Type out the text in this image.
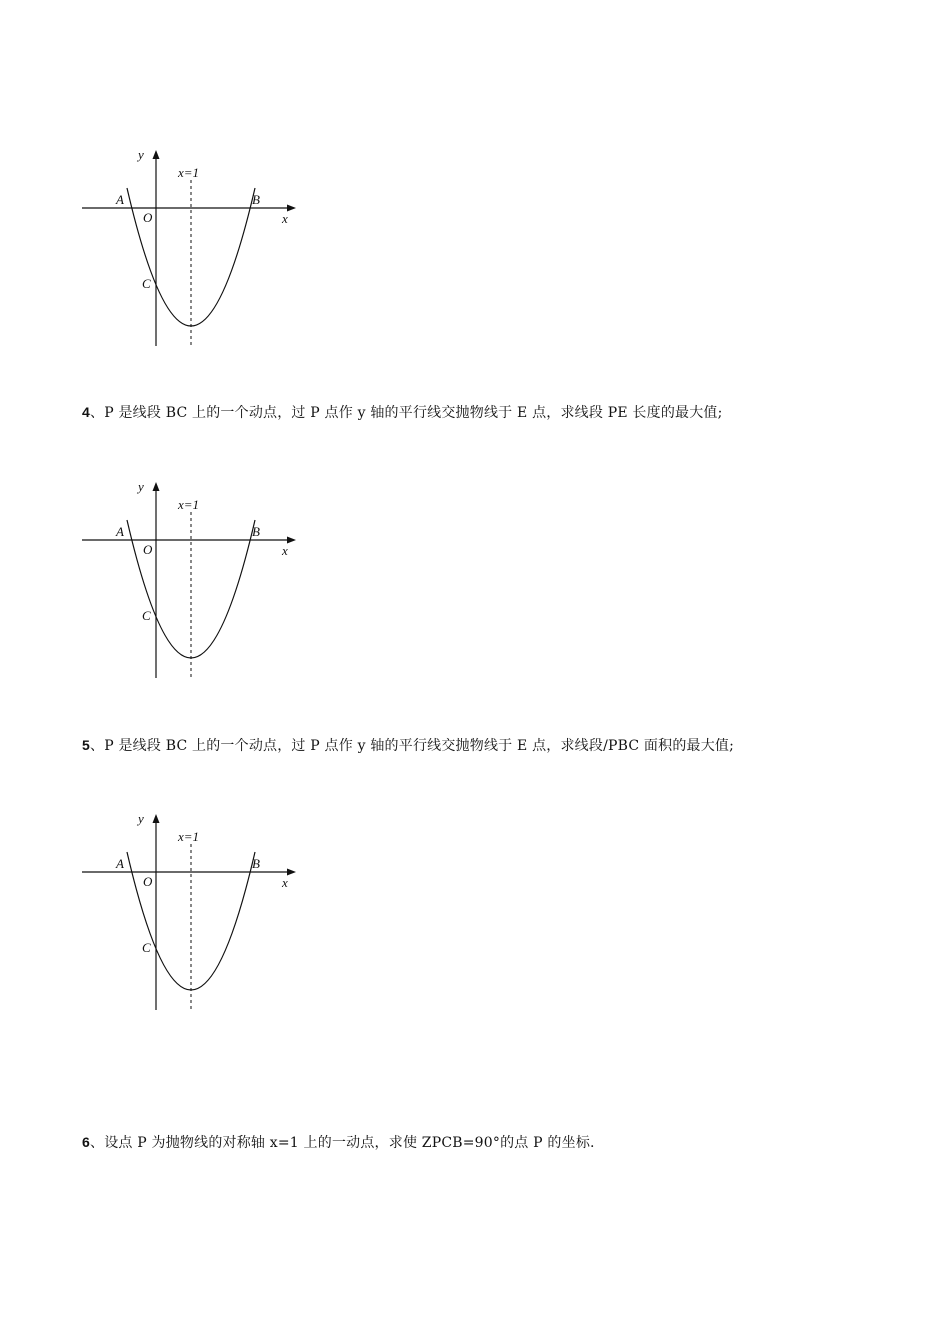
y
x
x=1
A	B
C
O
4、P 是线段 BC 上的一个动点，过 P 点作 y 轴的平行线交抛物线于 E 点，求线段 PE 长度的最大值;
y
x
x=1
A	B
C
O
5、P 是线段 BC 上的一个动点，过 P 点作 y 轴的平行线交抛物线于 E 点，求线段/PBC 面积的最大值;
y
x
x=1
A	B
C
O
6、设点 P 为抛物线的对称轴 x=1 上的一动点，求使 ZPCB=90°的点 P 的坐标.
